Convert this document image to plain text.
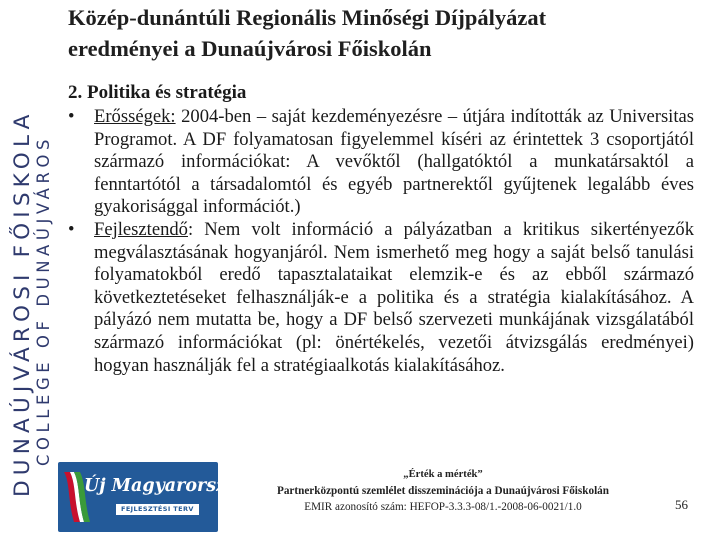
DUNAÚJVÁROSI FŐISKOLA COLLEGE OF DUNAÚJVÁROS
Közép-dunántúli Regionális Minőségi Díjpályázat
eredményei a Dunaújvárosi Főiskolán
2. Politika és stratégia
•	Erősségek: 2004-ben – saját kezdeményezésre – útjára indították az Universitas Programot. A DF folyamatosan figyelemmel kíséri az érintettek 3 csoportjától származó információkat: A vevőktől (hallgatóktól a munkatársaktól a fenntartótól a társadalomtól és egyéb partnerektől gyűjtenek legalább éves gyakorisággal információt.)
•	Fejlesztendő: Nem volt információ a pályázatban a kritikus sikertényezők megválasztásának hogyanjáról. Nem ismerhető meg hogy a saját belső tanulási folyamatokból eredő tapasztalataikat elemzik-e és az ebből származó következtetéseket felhasználják-e a politika és a stratégia kialakításához. A pályázó nem mutatta be, hogy a DF belső szervezeti munkájának vizsgálatából származó információkat (pl: önértékelés, vezetői átvizsgálás eredményei) hogyan használják fel a stratégiaalkotás kialakításához.
Új Magyarország
FEJLESZTÉSI TERV
„Érték a mérték”
Partnerközpontú szemlélet disszeminációja a Dunaújvárosi Főiskolán
EMIR azonosító szám: HEFOP-3.3.3-08/1.-2008-06-0021/1.0	56
